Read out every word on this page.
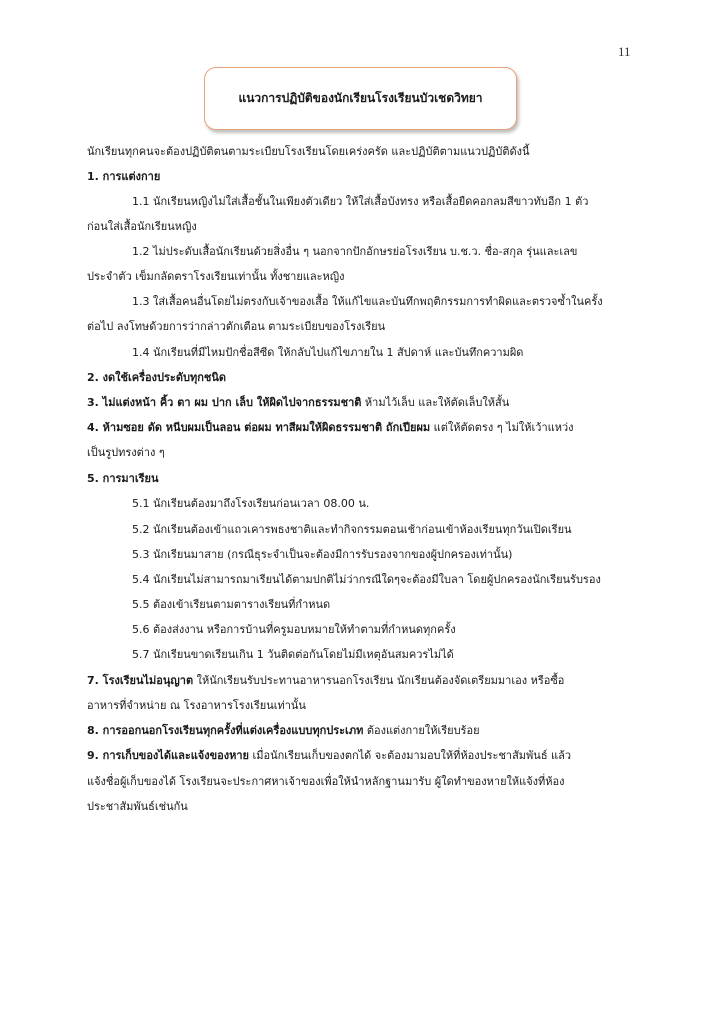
11
แนวการปฏิบัติของนักเรียนโรงเรียนบัวเชดวิทยา
นักเรียนทุกคนจะต้องปฏิบัติตนตามระเบียบโรงเรียนโดยเคร่งครัด และปฏิบัติตามแนวปฏิบัติดังนี้
1. การแต่งกาย
1.1 นักเรียนหญิงไม่ใส่เสื้อชั้นในเพียงตัวเดียว ให้ใส่เสื้อบังทรง หรือเสื้อยืดคอกลมสีขาวทับอีก 1 ตัว
ก่อนใส่เสื้อนักเรียนหญิง
1.2 ไม่ประดับเสื้อนักเรียนด้วยสิ่งอื่น ๆ นอกจากปักอักษรย่อโรงเรียน บ.ช.ว. ชื่อ-สกุล รุ่นและเลข
ประจำตัว เข็มกลัดตราโรงเรียนเท่านั้น ทั้งชายและหญิง
1.3 ใส่เสื้อคนอื่นโดยไม่ตรงกับเจ้าของเสื้อ ให้แก้ไขและบันทึกพฤติกรรมการทำผิดและตรวจซ้ำในครั้ง
ต่อไป ลงโทษด้วยการว่ากล่าวตักเตือน ตามระเบียบของโรงเรียน
1.4 นักเรียนที่มีไหมปักชื่อสีซีด ให้กลับไปแก้ไขภายใน 1 สัปดาห์ และบันทึกความผิด
2. งดใช้เครื่องประดับทุกชนิด
3. ไม่แต่งหน้า คิ้ว ตา ผม ปาก เล็บ ให้ผิดไปจากธรรมชาติ ห้ามไว้เล็บ และให้ตัดเล็บให้สั้น
4. ห้ามซอย ดัด หนีบผมเป็นลอน ต่อผม ทาสีผมให้ผิดธรรมชาติ ถักเปียผม แต่ให้ตัดตรง ๆ ไม่ให้เว้าแหว่ง
เป็นรูปทรงต่าง ๆ
5. การมาเรียน
5.1 นักเรียนต้องมาถึงโรงเรียนก่อนเวลา 08.00 น.
5.2 นักเรียนต้องเข้าแถวเคารพธงชาติและทำกิจกรรมตอนเช้าก่อนเข้าห้องเรียนทุกวันเปิดเรียน
5.3 นักเรียนมาสาย (กรณีธุระจำเป็นจะต้องมีการรับรองจากของผู้ปกครองเท่านั้น)
5.4 นักเรียนไม่สามารถมาเรียนได้ตามปกติไม่ว่ากรณีใดๆจะต้องมีใบลา โดยผู้ปกครองนักเรียนรับรอง
5.5 ต้องเข้าเรียนตามตารางเรียนที่กำหนด
5.6 ต้องส่งงาน หรือการบ้านที่ครูมอบหมายให้ทำตามที่กำหนดทุกครั้ง
5.7 นักเรียนขาดเรียนเกิน 1 วันติดต่อกันโดยไม่มีเหตุอันสมควรไม่ได้
7. โรงเรียนไม่อนุญาต ให้นักเรียนรับประทานอาหารนอกโรงเรียน นักเรียนต้องจัดเตรียมมาเอง หรือซื้อ
อาหารที่จำหน่าย ณ โรงอาหารโรงเรียนเท่านั้น
8. การออกนอกโรงเรียนทุกครั้งที่แต่งเครื่องแบบทุกประเภท ต้องแต่งกายให้เรียบร้อย
9. การเก็บของได้และแจ้งของหาย เมื่อนักเรียนเก็บของตกได้ จะต้องมามอบให้ที่ห้องประชาสัมพันธ์ แล้ว
แจ้งชื่อผู้เก็บของได้ โรงเรียนจะประกาศหาเจ้าของเพื่อให้นำหลักฐานมารับ ผู้ใดทำของหายให้แจ้งที่ห้อง
ประชาสัมพันธ์เช่นกัน
